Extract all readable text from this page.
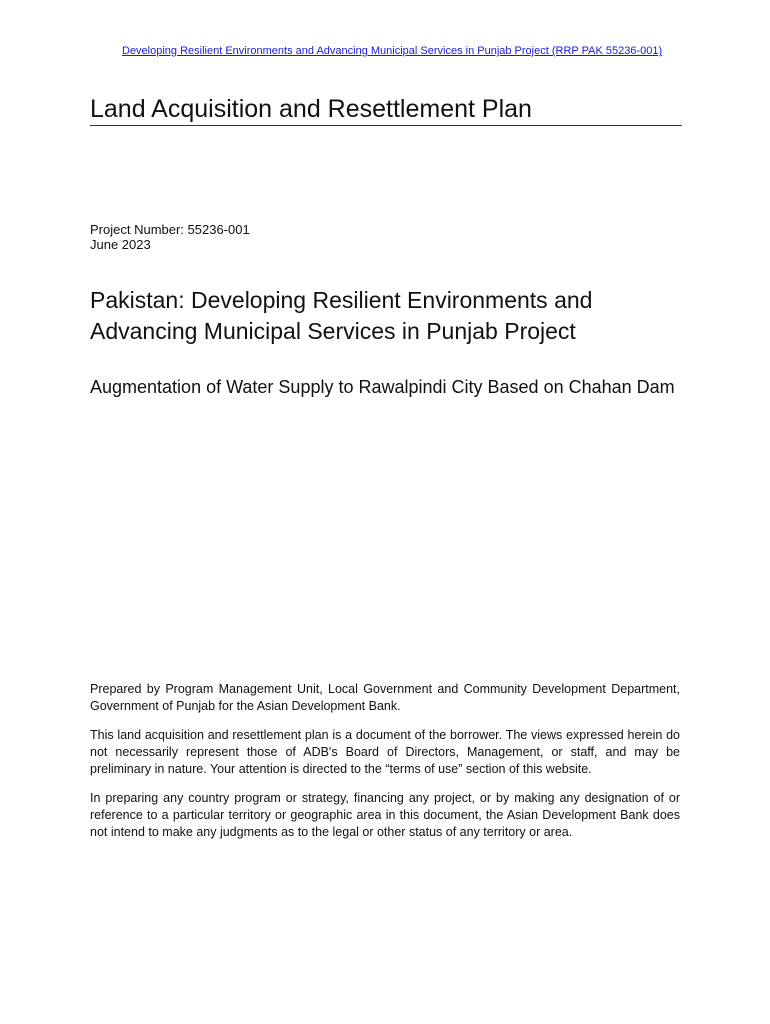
Developing Resilient Environments and Advancing Municipal Services in Punjab Project (RRP PAK 55236-001)
Land Acquisition and Resettlement Plan
Project Number: 55236-001
June 2023
Pakistan: Developing Resilient Environments and
Advancing Municipal Services in Punjab Project
Augmentation of Water Supply to Rawalpindi City Based on Chahan Dam

Prepared by Program Management Unit, Local Government and Community Development Department, Government of Punjab for the Asian Development Bank.

This land acquisition and resettlement plan is a document of the borrower. The views expressed herein do not necessarily represent those of ADB's Board of Directors, Management, or staff, and may be preliminary in nature. Your attention is directed to the “terms of use” section of this website.

In preparing any country program or strategy, financing any project, or by making any designation of or reference to a particular territory or geographic area in this document, the Asian Development Bank does not intend to make any judgments as to the legal or other status of any territory or area.
